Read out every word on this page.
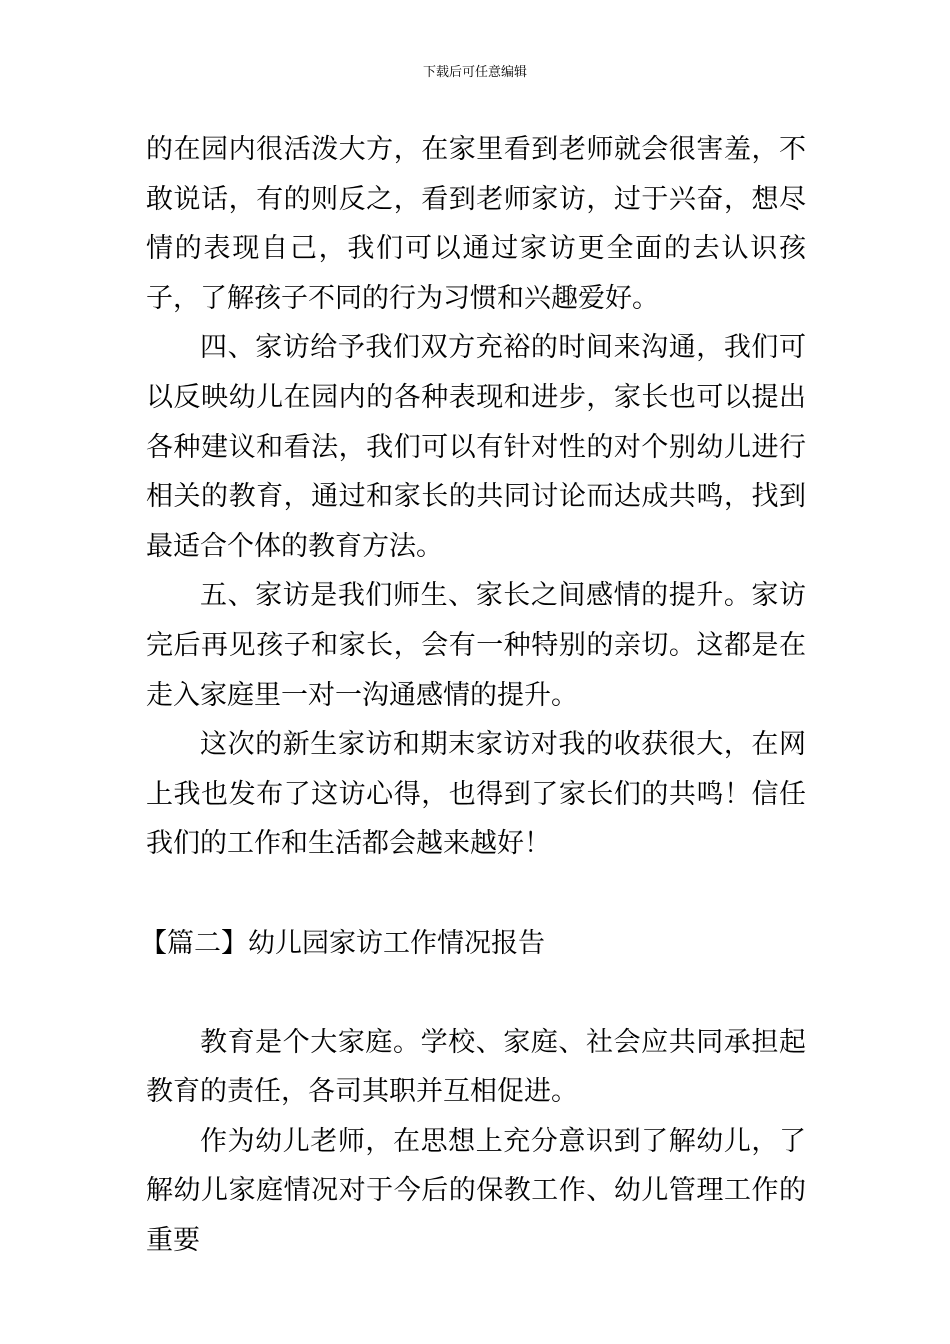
下载后可任意编辑

的在园内很活泼大方，在家里看到老师就会很害羞，不敢说话，有的则反之，看到老师家访，过于兴奋，想尽情的表现自己，我们可以通过家访更全面的去认识孩子，了解孩子不同的行为习惯和兴趣爱好。

四、家访给予我们双方充裕的时间来沟通，我们可以反映幼儿在园内的各种表现和进步，家长也可以提出各种建议和看法，我们可以有针对性的对个别幼儿进行相关的教育，通过和家长的共同讨论而达成共鸣，找到最适合个体的教育方法。

五、家访是我们师生、家长之间感情的提升。家访完后再见孩子和家长，会有一种特别的亲切。这都是在走入家庭里一对一沟通感情的提升。

这次的新生家访和期末家访对我的收获很大，在网上我也发布了这访心得，也得到了家长们的共鸣！信任我们的工作和生活都会越来越好！

【篇二】幼儿园家访工作情况报告

教育是个大家庭。学校、家庭、社会应共同承担起教育的责任，各司其职并互相促进。

作为幼儿老师，在思想上充分意识到了解幼儿，了解幼儿家庭情况对于今后的保教工作、幼儿管理工作的重要
